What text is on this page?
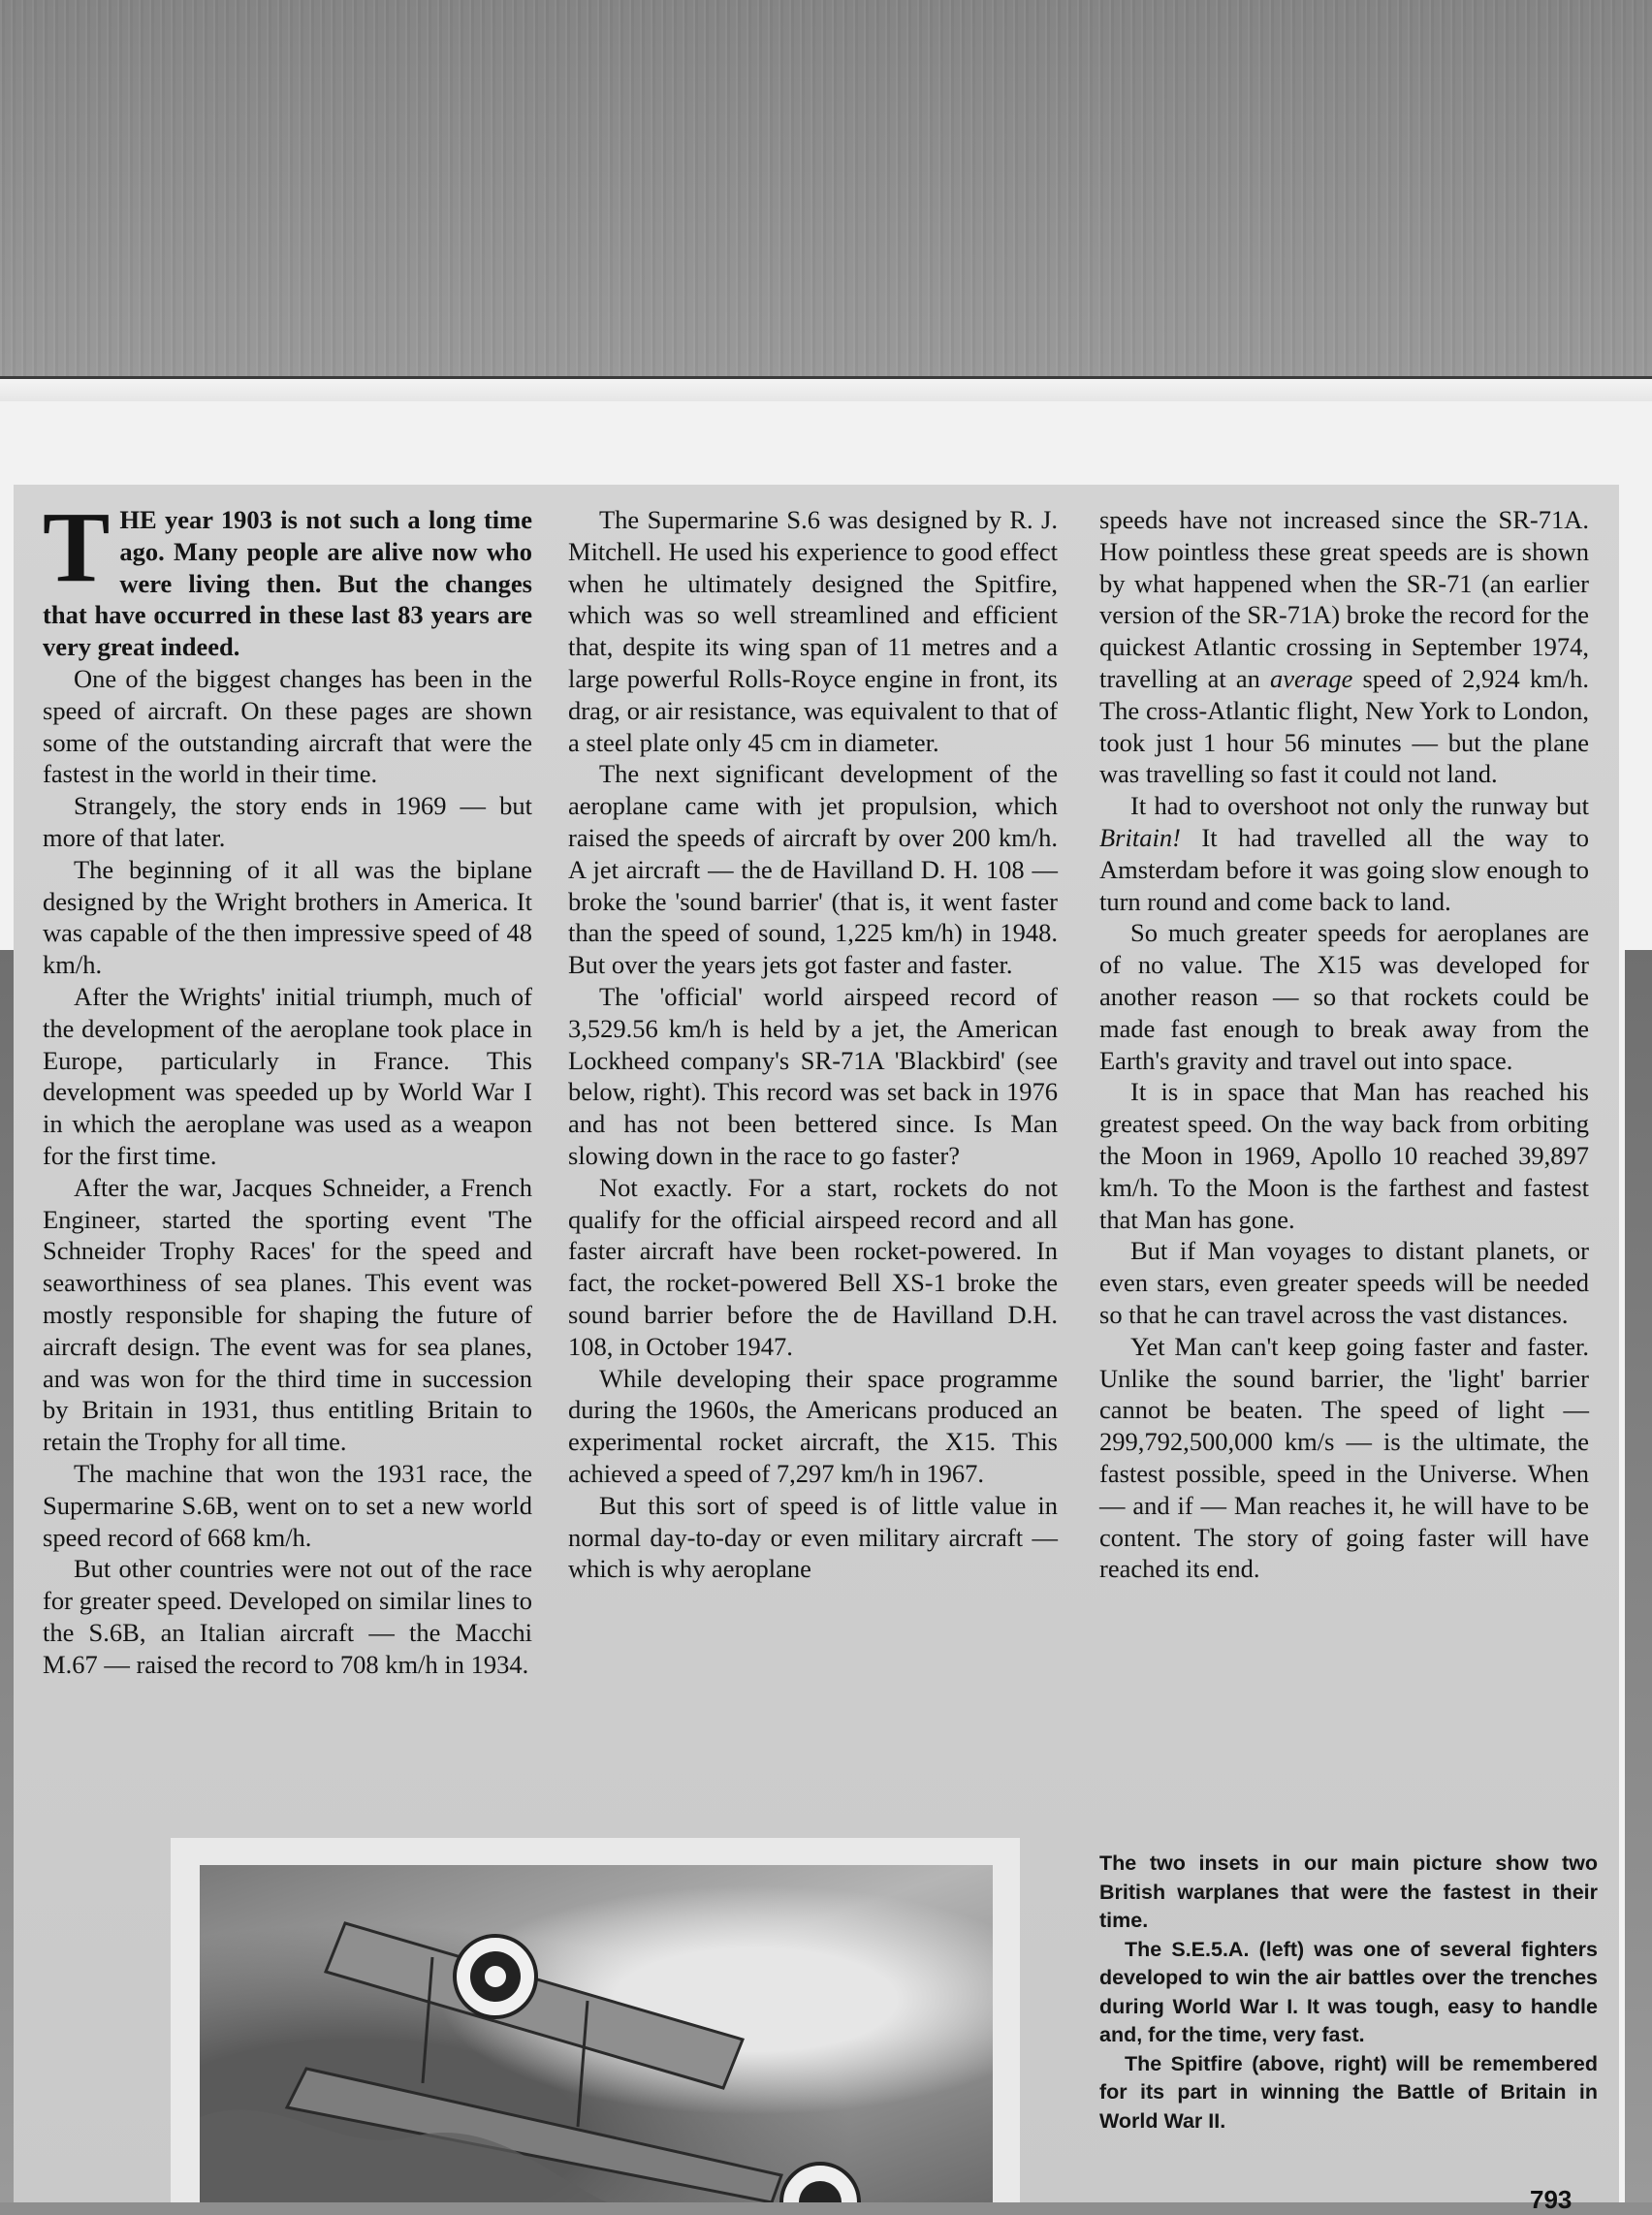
THE year 1903 is not such a long time ago. Many people are alive now who were living then. But the changes that have occurred in these last 83 years are very great indeed.

One of the biggest changes has been in the speed of aircraft. On these pages are shown some of the outstanding aircraft that were the fastest in the world in their time.

Strangely, the story ends in 1969 — but more of that later.

The beginning of it all was the biplane designed by the Wright brothers in America. It was capable of the then impressive speed of 48 km/h.

After the Wrights' initial triumph, much of the development of the aeroplane took place in Europe, particularly in France. This development was speeded up by World War I in which the aeroplane was used as a weapon for the first time.

After the war, Jacques Schneider, a French Engineer, started the sporting event 'The Schneider Trophy Races' for the speed and seaworthiness of sea planes. This event was mostly responsible for shaping the future of aircraft design. The event was for sea planes, and was won for the third time in succession by Britain in 1931, thus entitling Britain to retain the Trophy for all time.

The machine that won the 1931 race, the Supermarine S.6B, went on to set a new world speed record of 668 km/h.

But other countries were not out of the race for greater speed. Developed on similar lines to the S.6B, an Italian aircraft — the Macchi M.67 — raised the record to 708 km/h in 1934.

The Supermarine S.6 was designed by R. J. Mitchell. He used his experience to good effect when he ultimately designed the Spitfire, which was so well streamlined and efficient that, despite its wing span of 11 metres and a large powerful Rolls-Royce engine in front, its drag, or air resistance, was equivalent to that of a steel plate only 45 cm in diameter.

The next significant development of the aeroplane came with jet propulsion, which raised the speeds of aircraft by over 200 km/h. A jet aircraft — the de Havilland D. H. 108 — broke the 'sound barrier' (that is, it went faster than the speed of sound, 1,225 km/h) in 1948. But over the years jets got faster and faster.

The 'official' world airspeed record of 3,529.56 km/h is held by a jet, the American Lockheed company's SR-71A 'Blackbird' (see below, right). This record was set back in 1976 and has not been bettered since. Is Man slowing down in the race to go faster?

Not exactly. For a start, rockets do not qualify for the official airspeed record and all faster aircraft have been rocket-powered. In fact, the rocket-powered Bell XS-1 broke the sound barrier before the de Havilland D.H. 108, in October 1947.

While developing their space programme during the 1960s, the Americans produced an experimental rocket aircraft, the X15. This achieved a speed of 7,297 km/h in 1967.

But this sort of speed is of little value in normal day-to-day or even military aircraft — which is why aeroplane

speeds have not increased since the SR-71A. How pointless these great speeds are is shown by what happened when the SR-71 (an earlier version of the SR-71A) broke the record for the quickest Atlantic crossing in September 1974, travelling at an average speed of 2,924 km/h. The cross-Atlantic flight, New York to London, took just 1 hour 56 minutes — but the plane was travelling so fast it could not land.

It had to overshoot not only the runway but Britain! It had travelled all the way to Amsterdam before it was going slow enough to turn round and come back to land.

So much greater speeds for aeroplanes are of no value. The X15 was developed for another reason — so that rockets could be made fast enough to break away from the Earth's gravity and travel out into space.

It is in space that Man has reached his greatest speed. On the way back from orbiting the Moon in 1969, Apollo 10 reached 39,897 km/h. To the Moon is the farthest and fastest that Man has gone.

But if Man voyages to distant planets, or even stars, even greater speeds will be needed so that he can travel across the vast distances.

Yet Man can't keep going faster and faster. Unlike the sound barrier, the 'light' barrier cannot be beaten. The speed of light — 299,792,500,000 km/s — is the ultimate, the fastest possible, speed in the Universe. When — and if — Man reaches it, he will have to be content. The story of going faster will have reached its end.

The two insets in our main picture show two British warplanes that were the fastest in their time.

The S.E.5.A. (left) was one of several fighters developed to win the air battles over the trenches during World War I. It was tough, easy to handle and, for the time, very fast.

The Spitfire (above, right) will be remembered for its part in winning the Battle of Britain in World War II.

793
